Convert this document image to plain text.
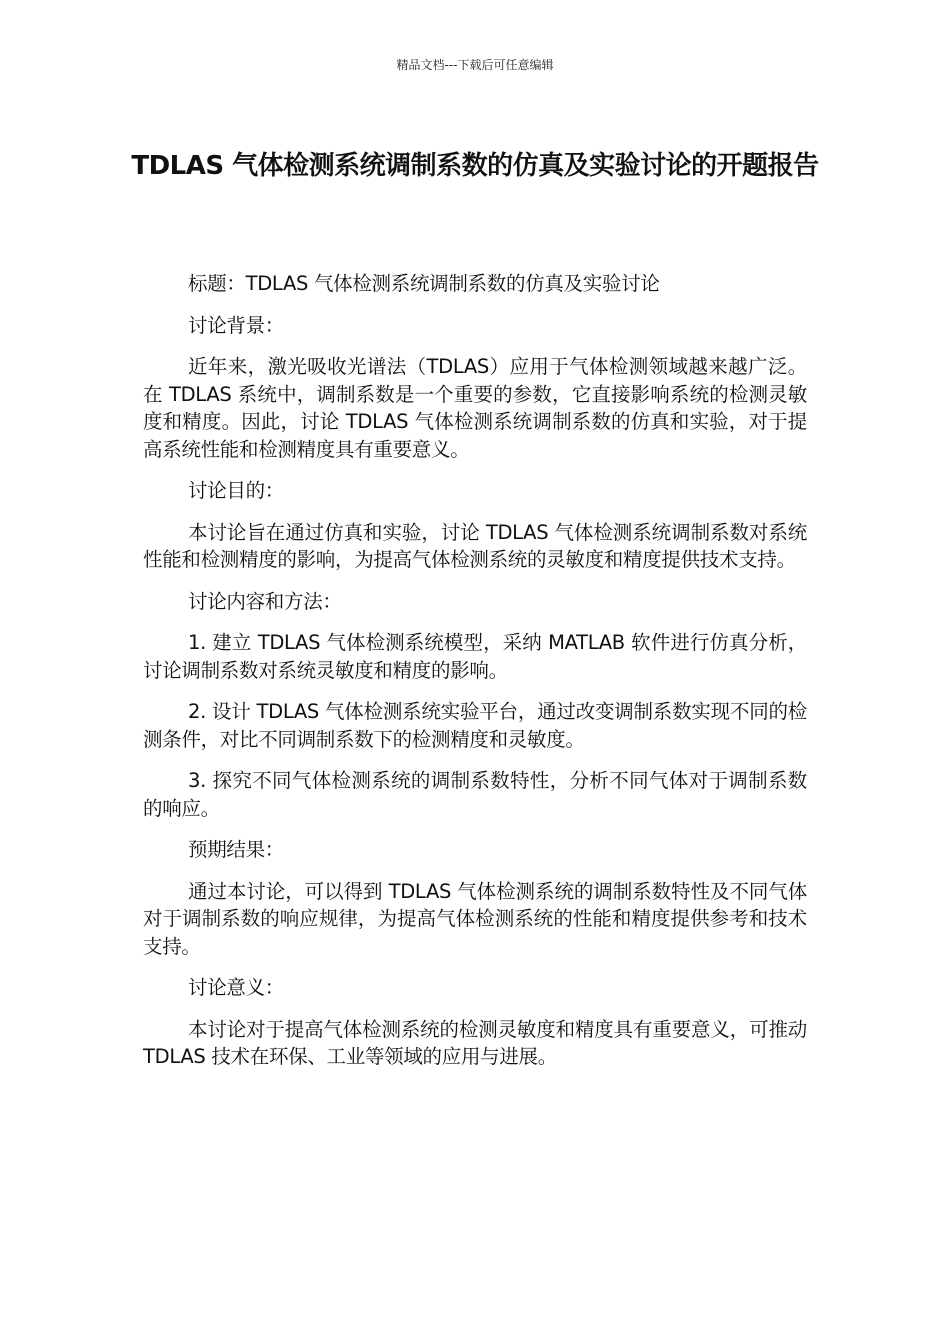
精品文档---下载后可任意编辑
TDLAS 气体检测系统调制系数的仿真及实验讨论的开题报告

标题：TDLAS 气体检测系统调制系数的仿真及实验讨论

讨论背景：

近年来，激光吸收光谱法（TDLAS）应用于气体检测领域越来越广泛。在 TDLAS 系统中，调制系数是一个重要的参数，它直接影响系统的检测灵敏度和精度。因此，讨论 TDLAS 气体检测系统调制系数的仿真和实验，对于提高系统性能和检测精度具有重要意义。

讨论目的：

本讨论旨在通过仿真和实验，讨论 TDLAS 气体检测系统调制系数对系统性能和检测精度的影响，为提高气体检测系统的灵敏度和精度提供技术支持。

讨论内容和方法：

1. 建立 TDLAS 气体检测系统模型，采纳 MATLAB 软件进行仿真分析，讨论调制系数对系统灵敏度和精度的影响。

2. 设计 TDLAS 气体检测系统实验平台，通过改变调制系数实现不同的检测条件，对比不同调制系数下的检测精度和灵敏度。

3. 探究不同气体检测系统的调制系数特性，分析不同气体对于调制系数的响应。

预期结果：

通过本讨论，可以得到 TDLAS 气体检测系统的调制系数特性及不同气体对于调制系数的响应规律，为提高气体检测系统的性能和精度提供参考和技术支持。

讨论意义：

本讨论对于提高气体检测系统的检测灵敏度和精度具有重要意义，可推动 TDLAS 技术在环保、工业等领域的应用与进展。
